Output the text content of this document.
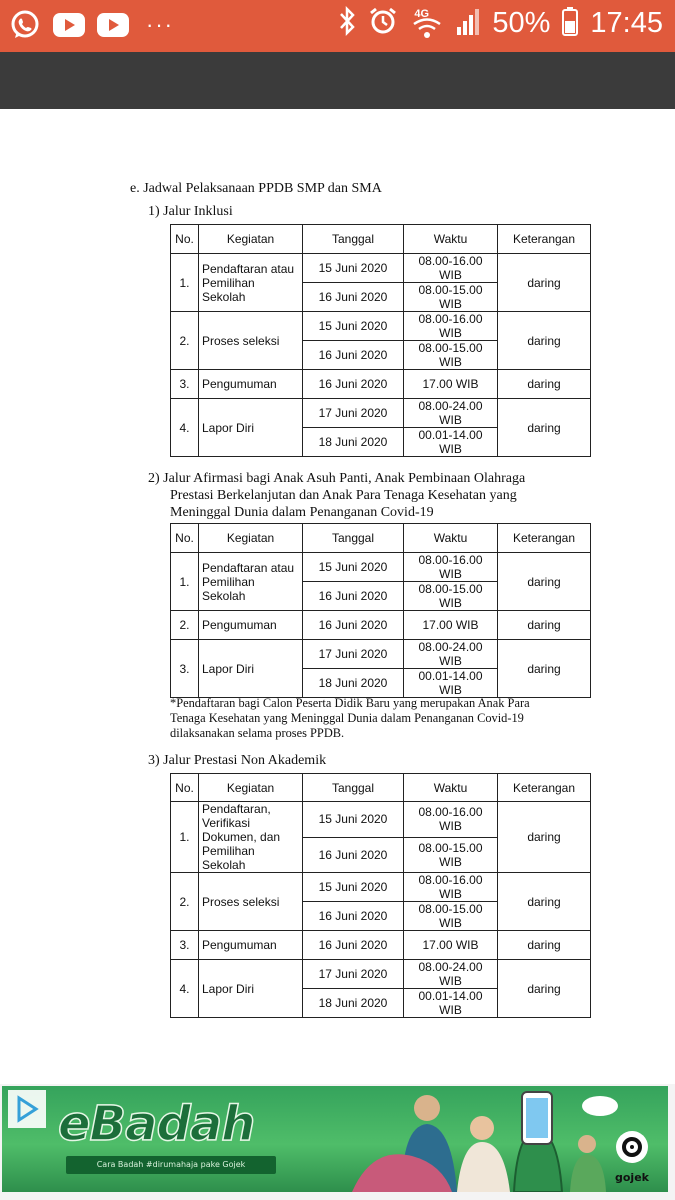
···	4G 50% 17:45
e. Jadwal Pelaksanaan PPDB SMP dan SMA
1) Jalur Inklusi
No.	Kegiatan	Tanggal	Waktu	Keterangan
1.	Pendaftaran atau Pemilihan Sekolah	15 Juni 2020	08.00-16.00 WIB	daring
		16 Juni 2020	08.00-15.00 WIB	
2.	Proses seleksi	15 Juni 2020	08.00-16.00 WIB	daring
		16 Juni 2020	08.00-15.00 WIB	
3.	Pengumuman	16 Juni 2020	17.00 WIB	daring
4.	Lapor Diri	17 Juni 2020	08.00-24.00 WIB	daring
		18 Juni 2020	00.01-14.00 WIB	
2) Jalur Afirmasi bagi Anak Asuh Panti, Anak Pembinaan Olahraga
Prestasi Berkelanjutan dan Anak Para Tenaga Kesehatan yang
Meninggal Dunia dalam Penanganan Covid-19
No.	Kegiatan	Tanggal	Waktu	Keterangan
1.	Pendaftaran atau Pemilihan Sekolah	15 Juni 2020	08.00-16.00 WIB	daring
		16 Juni 2020	08.00-15.00 WIB	
2.	Pengumuman	16 Juni 2020	17.00 WIB	daring
3.	Lapor Diri	17 Juni 2020	08.00-24.00 WIB	daring
		18 Juni 2020	00.01-14.00 WIB	
*Pendaftaran bagi Calon Peserta Didik Baru yang merupakan Anak Para
Tenaga Kesehatan yang Meninggal Dunia dalam Penanganan Covid-19
dilaksanakan selama proses PPDB.
3) Jalur Prestasi Non Akademik
No.	Kegiatan	Tanggal	Waktu	Keterangan
1.	Pendaftaran, Verifikasi Dokumen, dan Pemilihan Sekolah	15 Juni 2020	08.00-16.00 WIB	daring
		16 Juni 2020	08.00-15.00 WIB	
2.	Proses seleksi	15 Juni 2020	08.00-16.00 WIB	daring
		16 Juni 2020	08.00-15.00 WIB	
3.	Pengumuman	16 Juni 2020	17.00 WIB	daring
4.	Lapor Diri	17 Juni 2020	08.00-24.00 WIB	daring
		18 Juni 2020	00.01-14.00 WIB	
eBadah
Cara Badah #dirumahaja pake Gojek
gojek
